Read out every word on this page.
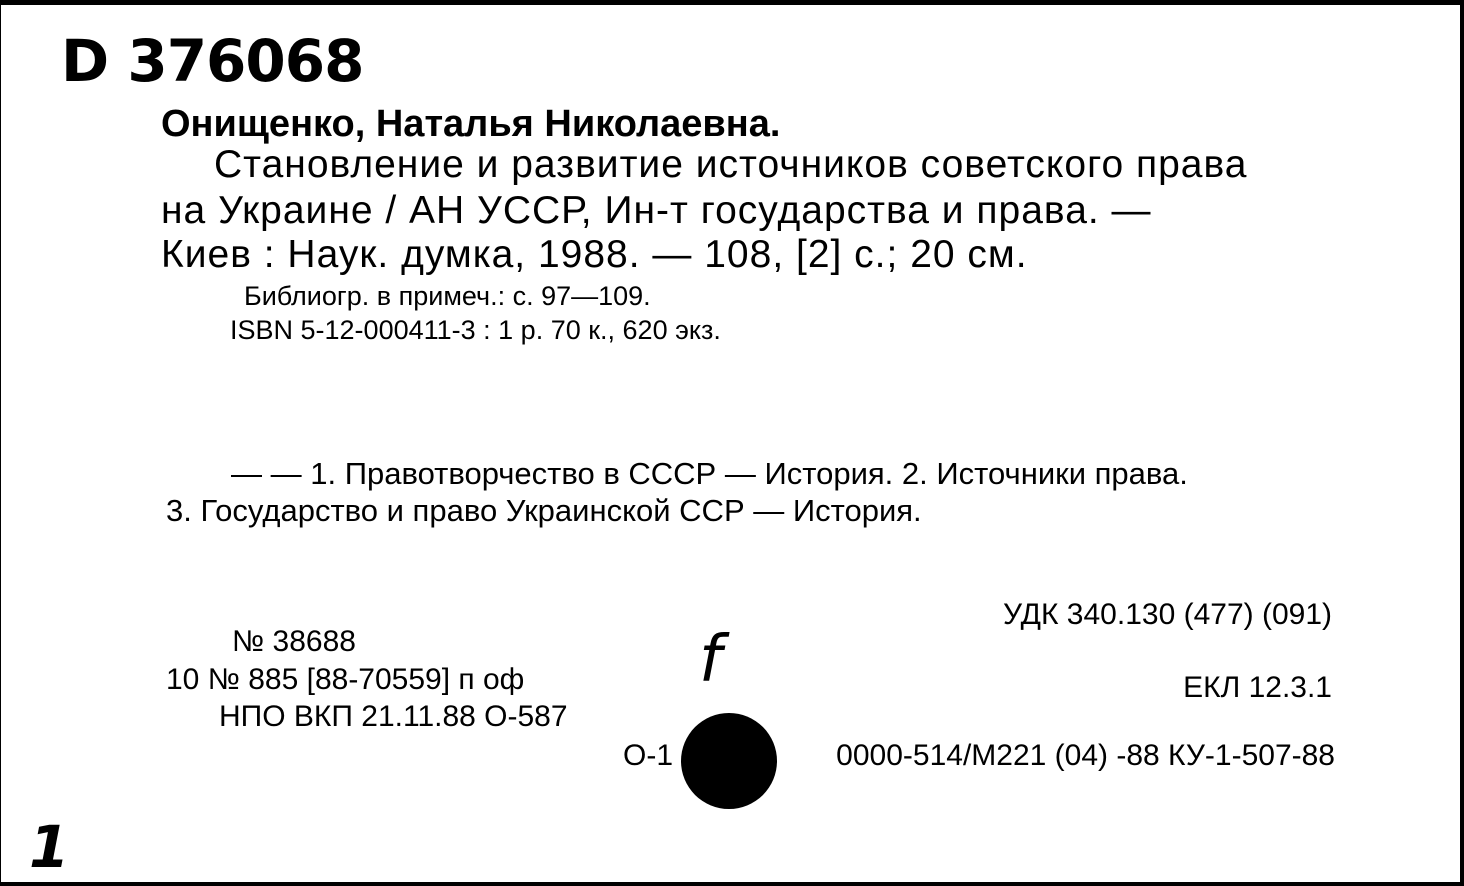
D 376068
Онищенко, Наталья Николаевна.
Становление и развитие источников советского права
на Украине / АН УССР, Ин-т государства и права. —
Киев : Наук. думка, 1988. — 108, [2] с.; 20 см.
Библиогр. в примеч.: с. 97—109.
ISBN 5-12-000411-3 : 1 р. 70 к., 620 экз.
— — 1. Правотворчество в СССР — История. 2. Источники права.
3. Государство и право Украинской ССР — История.
УДК 340.130 (477) (091)
ЕКЛ 12.3.1
№ 38688
10 № 885 [88-70559] п оф
НПО ВКП 21.11.88 О-587
О-1	0000-514/М221 (04) -88 КУ-1-507-88
f
1
